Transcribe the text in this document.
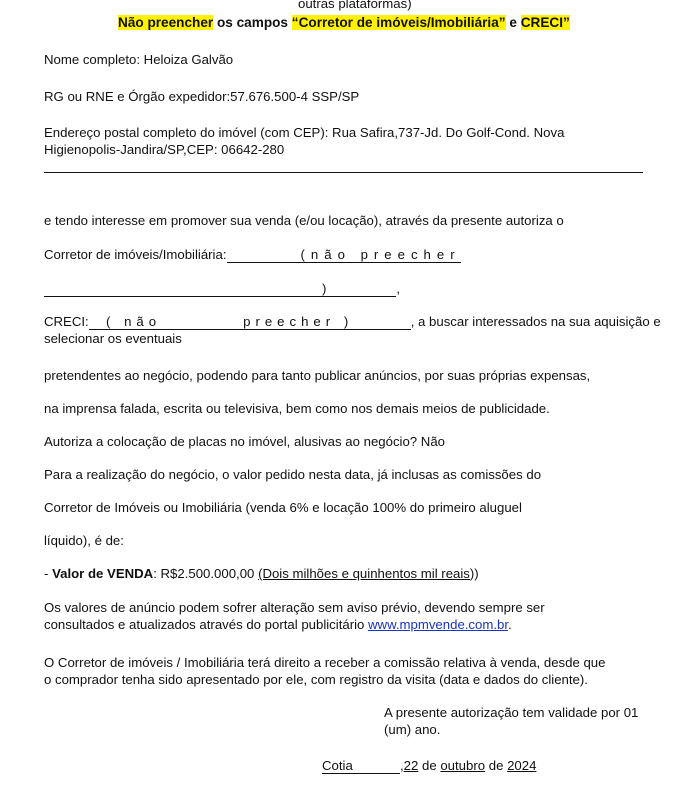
outras plataformas)
Não preencher os campos “Corretor de imóveis/Imobiliária” e CRECI”
Nome completo: Heloiza Galvão
RG ou RNE e Órgão expedidor:57.676.500-4 SSP/SP
Endereço postal completo do imóvel (com CEP): Rua Safira,737-Jd. Do Golf-Cond. Nova
Higienopolis-Jandira/SP,CEP: 06642-280
e tendo interesse em promover sua venda (e/ou locação), através da presente autoriza o
Corretor de imóveis/Imobiliária:	(não preecher
)	,
CRECI:  ( não	preecher )	, a buscar interessados na sua aquisição e
selecionar os eventuais
pretendentes ao negócio, podendo para tanto publicar anúncios, por suas próprias expensas,
na imprensa falada, escrita ou televisiva, bem como nos demais meios de publicidade.
Autoriza a colocação de placas no imóvel, alusivas ao negócio? Não
Para a realização do negócio, o valor pedido nesta data, já inclusas as comissões do
Corretor de Imóveis ou Imobiliária (venda 6% e locação 100% do primeiro aluguel
líquido), é de:
- Valor de VENDA: R$2.500.000,00 (Dois milhões e quinhentos mil reais))
Os valores de anúncio podem sofrer alteração sem aviso prévio, devendo sempre ser
consultados e atualizados através do portal publicitário www.mpmvende.com.br.
O Corretor de imóveis / Imobiliária terá direito a receber a comissão relativa à venda, desde que
o comprador tenha sido apresentado por ele, com registro da visita (data e dados do cliente).
A presente autorização tem validade por 01
(um) ano.
Cotia	,22 de outubro de 2024
